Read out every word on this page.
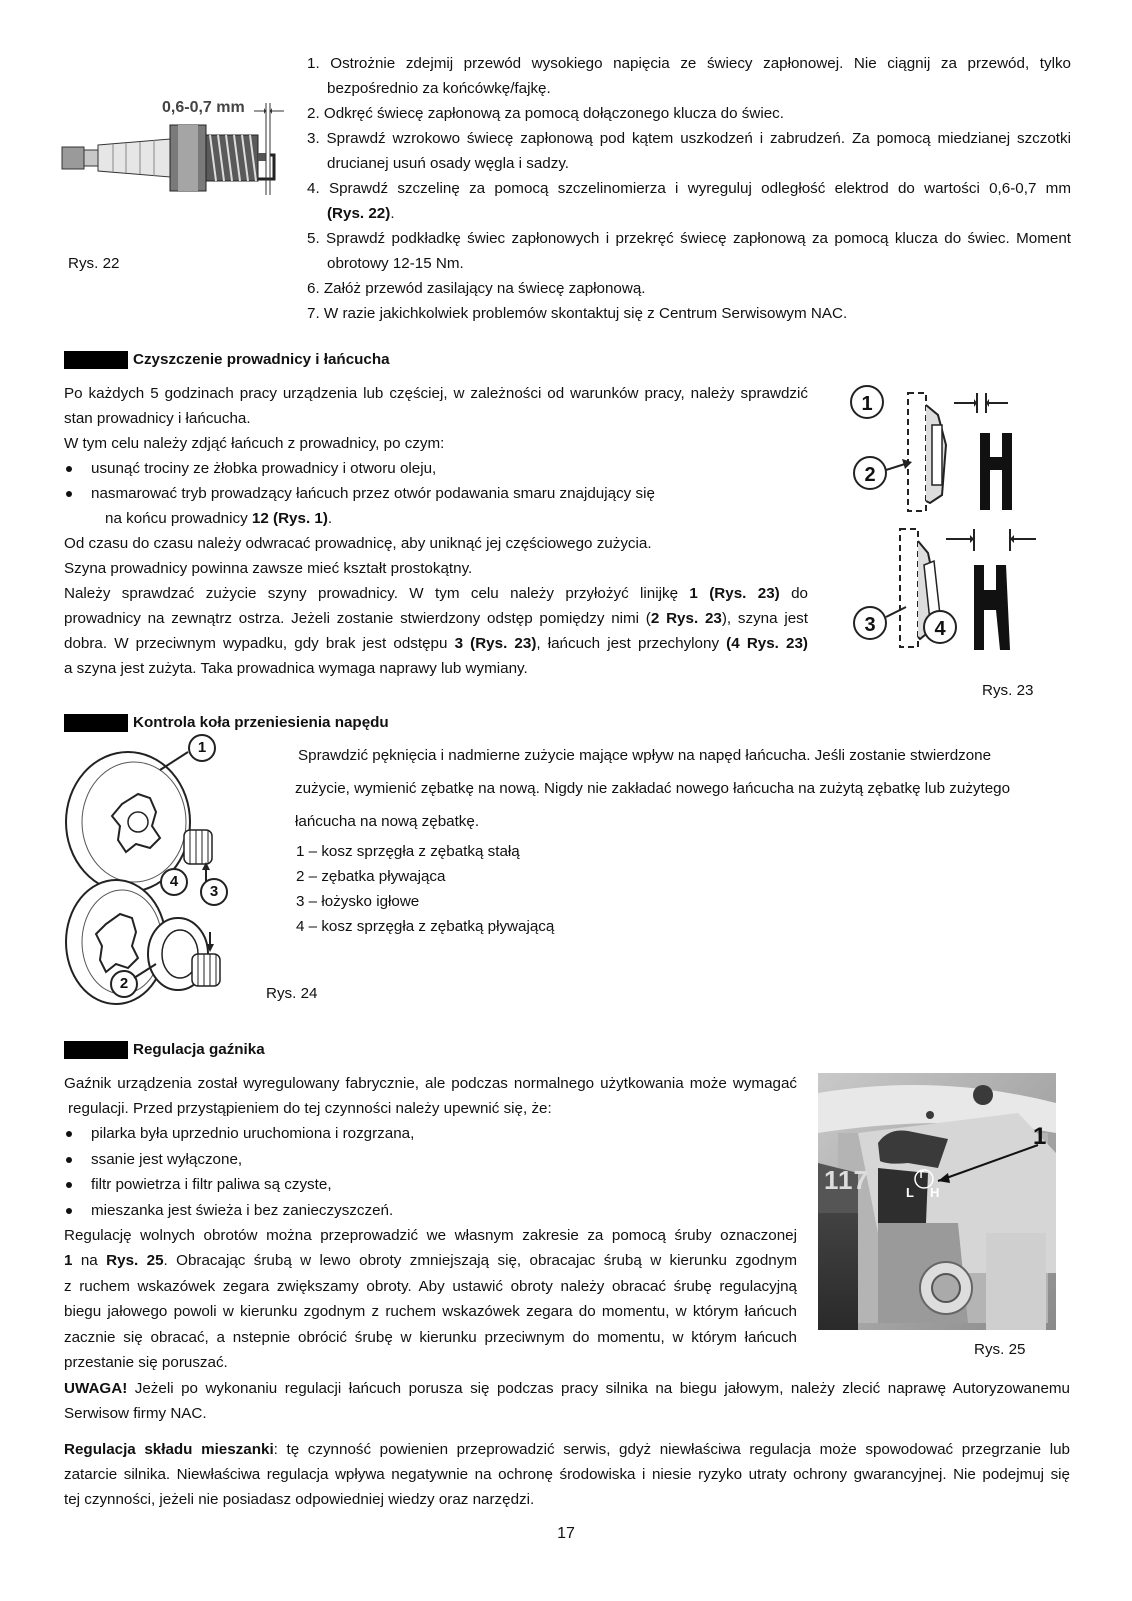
0,6-0,7 mm
Rys. 22
1. Ostrożnie zdejmij przewód wysokiego napięcia ze świecy zapłonowej. Nie ciągnij za przewód, tylko
bezpośrednio za końcówkę/fajkę.
2. Odkręć świecę zapłonową za pomocą dołączonego klucza do świec.
3. Sprawdź wzrokowo świecę zapłonową pod kątem uszkodzeń i zabrudzeń. Za pomocą miedzianej szczotki
drucianej usuń osady węgla i sadzy.
4. Sprawdź szczelinę za pomocą szczelinomierza i wyreguluj odległość elektrod do wartości 0,6-0,7 mm
(Rys. 22).
5. Sprawdź podkładkę świec zapłonowych i przekręć świecę zapłonową za pomocą klucza do świec. Moment
obrotowy 12-15 Nm.
6. Załóż przewód zasilający na świecę zapłonową.
7. W razie jakichkolwiek problemów skontaktuj się z Centrum Serwisowym NAC.
Czyszczenie prowadnicy i łańcucha
Po każdych 5 godzinach pracy urządzenia lub częściej, w zależności od warunków pracy, należy sprawdzić
stan prowadnicy i łańcucha.
W tym celu należy zdjąć łańcuch z prowadnicy, po czym:
usunąć trociny ze żłobka prowadnicy i otworu oleju,
nasmarować tryb prowadzący łańcuch przez otwór podawania smaru znajdujący się
na końcu prowadnicy 12 (Rys. 1).
Od czasu do czasu należy odwracać prowadnicę, aby uniknąć jej częściowego zużycia.
Szyna prowadnicy powinna zawsze mieć kształt prostokątny.
Należy sprawdzać zużycie szyny prowadnicy. W tym celu należy przyłożyć linijkę 1 (Rys. 23) do
prowadnicy na zewnątrz ostrza. Jeżeli zostanie stwierdzony odstęp pomiędzy nimi (2 Rys. 23), szyna jest
dobra. W przeciwnym wypadku, gdy brak jest odstępu 3 (Rys. 23), łańcuch jest przechylony (4 Rys. 23)
a szyna jest zużyta. Taka prowadnica wymaga naprawy lub wymiany.
1
2
3	4
Rys. 23
Kontrola koła przeniesienia napędu
1
2
3
4
Rys. 24
Sprawdzić pęknięcia i nadmierne zużycie mające wpływ na napęd łańcucha. Jeśli zostanie stwierdzone
zużycie, wymienić zębatkę na nową. Nigdy nie zakładać nowego łańcucha na zużytą zębatkę lub zużytego
łańcucha na nową zębatkę.
1 – kosz sprzęgła z zębatką stałą
2 – zębatka pływająca
3 – łożysko igłowe
4 – kosz sprzęgła z zębatką pływającą
Regulacja gaźnika
Gaźnik urządzenia został wyregulowany fabrycznie, ale podczas normalnego użytkowania może wymagać
regulacji. Przed przystąpieniem do tej czynności należy upewnić się, że:
pilarka była uprzednio uruchomiona i rozgrzana,
ssanie jest wyłączone,
filtr powietrza i filtr paliwa są czyste,
mieszanka jest świeża i bez zanieczyszczeń.
Regulację wolnych obrotów można przeprowadzić we własnym zakresie za pomocą śruby oznaczonej
1 na Rys. 25. Obracając śrubą w lewo obroty zmniejszają się, obracajac śrubą w kierunku zgodnym
z ruchem wskazówek zegara zwiększamy obroty. Aby ustawić obroty należy obracać śrubę regulacyjną
biegu jałowego powoli w kierunku zgodnym z ruchem wskazówek zegara do momentu, w którym łańcuch
zacznie się obracać, a nstepnie obrócić śrubę w kierunku przeciwnym do momentu, w którym łańcuch
przestanie się poruszać.
117	T
L H
1
Rys. 25
UWAGA! Jeżeli po wykonaniu regulacji łańcuch porusza się podczas pracy silnika na biegu jałowym, należy zlecić naprawę Autoryzowanemu
Serwisow firmy NAC.
Regulacja składu mieszanki: tę czynność powienien przeprowadzić serwis, gdyż niewłaściwa regulacja może spowodować przegrzanie lub
zatarcie silnika. Niewłaściwa regulacja wpływa negatywnie na ochronę środowiska i niesie ryzyko utraty ochrony gwarancyjnej. Nie podejmuj się
tej czynności, jeżeli nie posiadasz odpowiedniej wiedzy oraz narzędzi.
17
